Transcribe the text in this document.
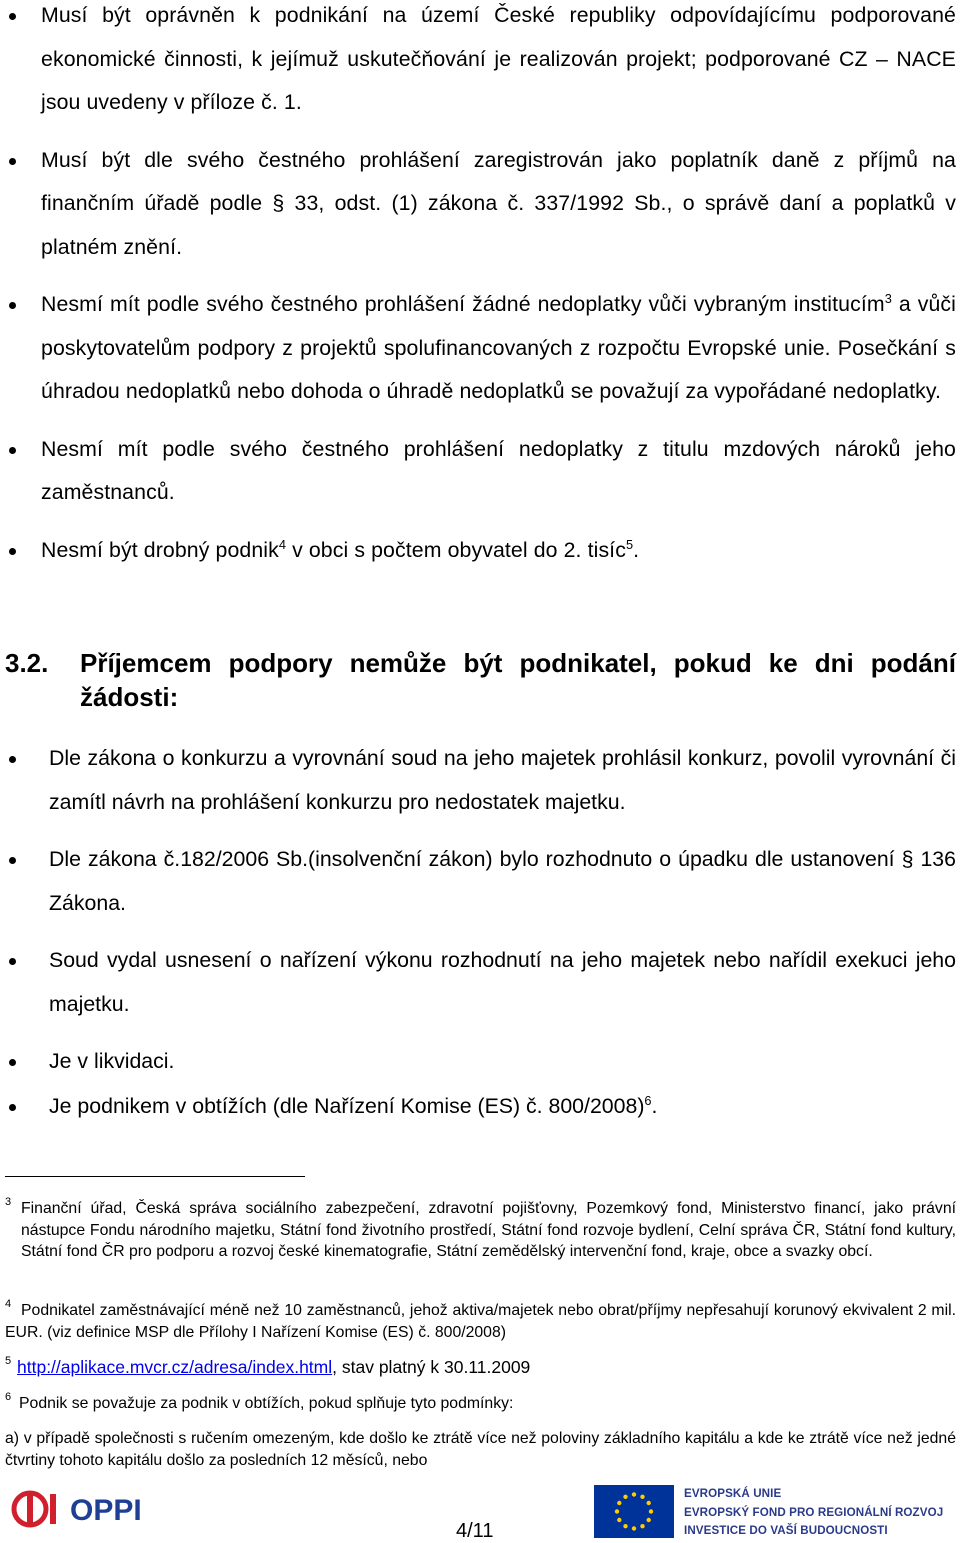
Musí být oprávněn k podnikání na území České republiky odpovídajícímu podporované ekonomické činnosti, k jejímuž uskutečňování je realizován projekt; podporované CZ – NACE jsou uvedeny v příloze č. 1.
Musí být dle svého čestného prohlášení zaregistrován jako poplatník daně z příjmů na finančním úřadě podle § 33, odst. (1) zákona č. 337/1992 Sb., o správě daní a poplatků v platném znění.
Nesmí mít podle svého čestného prohlášení žádné nedoplatky vůči vybraným institucím$^3$ a vůči poskytovatelům podpory z projektů spolufinancovaných z rozpočtu Evropské unie. Posečkání s úhradou nedoplatků nebo dohoda o úhradě nedoplatků se považují za vypořádané nedoplatky.
Nesmí mít podle svého čestného prohlášení nedoplatky z titulu mzdových nároků jeho zaměstnanců.
Nesmí být drobný podnik$^4$ v obci s počtem obyvatel do 2. tisíc$^5$.
3.2. Příjemcem podpory nemůže být podnikatel, pokud ke dni podání žádosti:
Dle zákona o konkurzu a vyrovnání soud na jeho majetek prohlásil konkurz, povolil vyrovnání či zamítl návrh na prohlášení konkurzu pro nedostatek majetku.
Dle zákona č.182/2006 Sb.(insolvenční zákon) bylo rozhodnuto o úpadku dle ustanovení § 136 Zákona.
Soud vydal usnesení o nařízení výkonu rozhodnutí na jeho majetek nebo nařídil exekuci jeho majetku.
Je v likvidaci.
Je podnikem v obtížích (dle Nařízení Komise (ES) č. 800/2008)$^6$.
3 Finanční úřad, Česká správa sociálního zabezpečení, zdravotní pojišťovny, Pozemkový fond, Ministerstvo financí, jako právní nástupce Fondu národního majetku, Státní fond životního prostředí, Státní fond rozvoje bydlení, Celní správa ČR, Státní fond kultury, Státní fond ČR pro podporu a rozvoj české kinematografie, Státní zemědělský intervenční fond, kraje, obce a svazky obcí.
4 Podnikatel zaměstnávající méně než 10 zaměstnanců, jehož aktiva/majetek nebo obrat/příjmy nepřesahují korunový ekvivalent 2 mil. EUR. (viz definice MSP dle Přílohy I Nařízení Komise (ES) č. 800/2008)
5 http://aplikace.mvcr.cz/adresa/index.html, stav platný k 30.11.2009
6 Podnik se považuje za podnik v obtížích, pokud splňuje tyto podmínky:
a) v případě společnosti s ručením omezeným, kde došlo ke ztrátě více než poloviny základního kapitálu a kde ke ztrátě více než jedné čtvrtiny tohoto kapitálu došlo za posledních 12 měsíců, nebo
OPPI
4/11
EVROPSKÁ UNIE
EVROPSKÝ FOND PRO REGIONÁLNÍ ROZVOJ
INVESTICE DO VAŠÍ BUDOUCNOSTI
